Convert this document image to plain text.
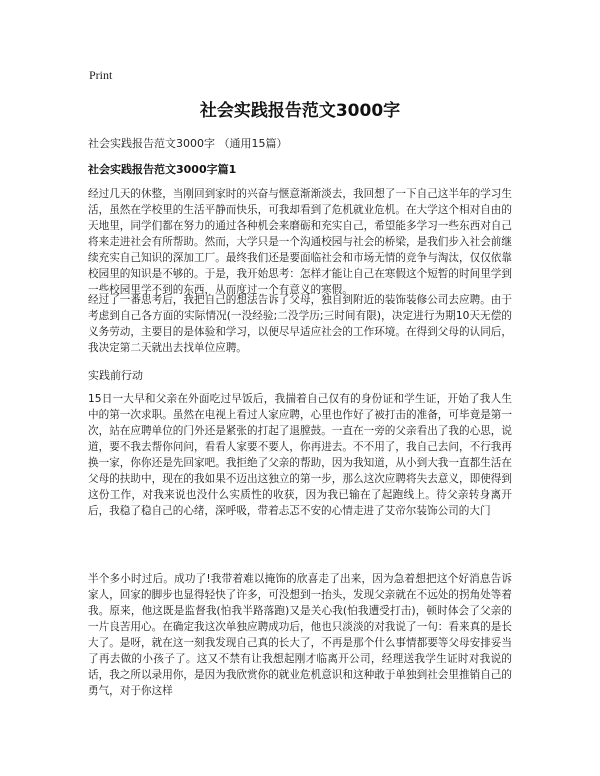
Print
社会实践报告范文3000字
社会实践报告范文3000字 （通用15篇）
社会实践报告范文3000字篇1

经过几天的休整，当刚回到家时的兴奋与惬意渐渐淡去，我回想了一下自己这半年的学习生活，虽然在学校里的生活平静而快乐，可我却看到了危机就业危机。在大学这个相对自由的天地里，同学们都在努力的通过各种机会来磨砺和充实自己，希望能多学习一些东西对自己将来走进社会有所帮助。然而，大学只是一个沟通校园与社会的桥梁，是我们步入社会前继续充实自己知识的深加工厂。最终我们还是要面临社会和市场无情的竞争与淘汰，仅仅依靠校园里的知识是不够的。于是，我开始思考：怎样才能让自己在寒假这个短暂的时间里学到一些校园里学不到的东西，从而度过一个有意义的寒假。

经过了一番思考后，我把自己的想法告诉了父母，独自到附近的装饰装修公司去应聘。由于考虑到自己各方面的实际情况(一没经验;二没学历;三时间有限)，决定进行为期10天无偿的义务劳动，主要目的是体验和学习，以便尽早适应社会的工作环境。在得到父母的认同后，我决定第二天就出去找单位应聘。

实践前行动

15日一大早和父亲在外面吃过早饭后，我揣着自己仅有的身份证和学生证，开始了我人生中的第一次求职。虽然在电视上看过人家应聘，心里也作好了被打击的准备，可毕竟是第一次，站在应聘单位的门外还是紧张的打起了退膛鼓。一直在一旁的父亲看出了我的心思，说道，要不我去帮你问问，看看人家要不要人，你再进去。不不用了，我自己去问，不行我再换一家，你你还是先回家吧。我拒绝了父亲的帮助，因为我知道，从小到大我一直都生活在父母的扶助中，现在的我如果不迈出这独立的第一步，那么这次应聘将失去意义，即使得到这份工作，对我来说也没什么实质性的收获，因为我已输在了起跑线上。待父亲转身离开后，我稳了稳自己的心绪，深呼吸，带着忐忑不安的心情走进了艾帝尔装饰公司的大门

半个多小时过后。成功了!我带着难以掩饰的欣喜走了出来，因为急着想把这个好消息告诉家人，回家的脚步也显得轻快了许多，可没想到一抬头，发现父亲就在不远处的拐角处等着我。原来，他这既是监督我(怕我半路落跑)又是关心我(怕我遭受打击)，顿时体会了父亲的一片良苦用心。在确定我这次单独应聘成功后，他也只淡淡的对我说了一句：看来真的是长大了。是呀，就在这一刻我发现自己真的长大了，不再是那个什么事情都要等父母安排妥当了再去做的小孩子了。这又不禁有让我想起刚才临离开公司，经理送我学生证时对我说的话，我之所以录用你，是因为我欣赏你的就业危机意识和这种敢于单独到社会里推销自己的勇气，对于你这样
